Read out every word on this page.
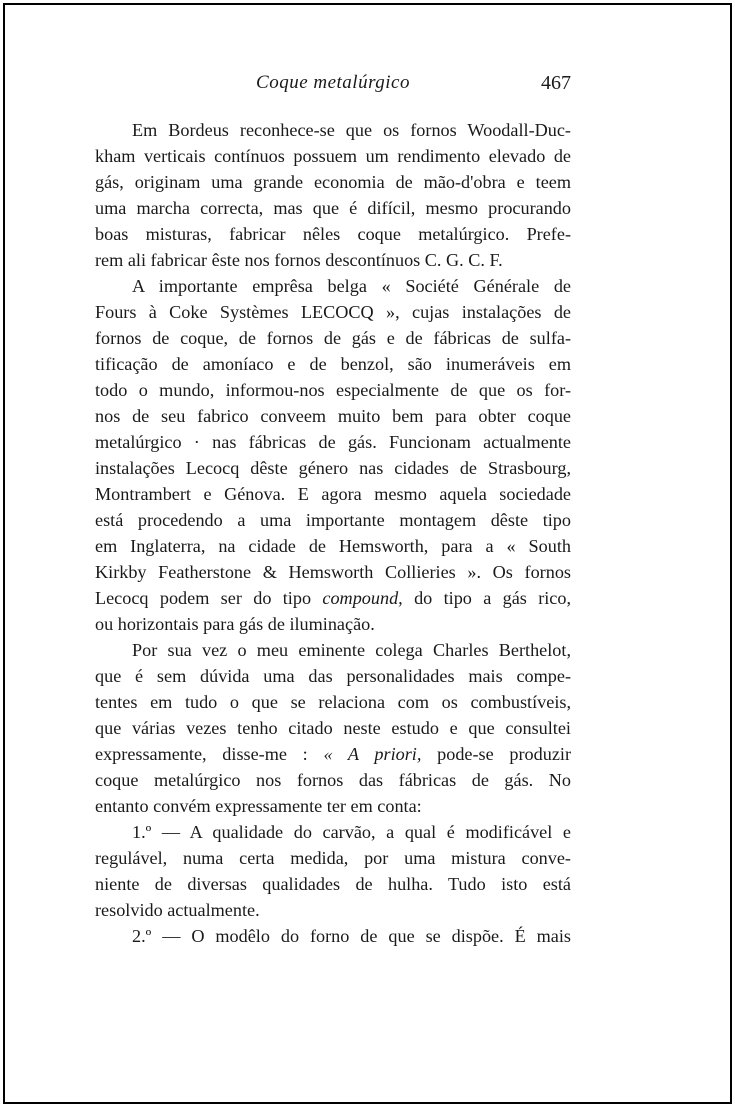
Coque metalúrgico	467
Em Bordeus reconhece-se que os fornos Woodall-Duc-
kham verticais contínuos possuem um rendimento elevado de
gás, originam uma grande economia de mão-d'obra e teem
uma marcha correcta, mas que é difícil, mesmo procurando
boas misturas, fabricar nêles coque metalúrgico. Prefe-
rem ali fabricar êste nos fornos descontínuos C. G. C. F.
A importante emprêsa belga « Société Générale de
Fours à Coke Systèmes LECOCQ », cujas instalações de
fornos de coque, de fornos de gás e de fábricas de sulfa-
tificação de amoníaco e de benzol, são inumeráveis em
todo o mundo, informou-nos especialmente de que os for-
nos de seu fabrico conveem muito bem para obter coque
metalúrgico · nas fábricas de gás. Funcionam actualmente
instalações Lecocq dêste género nas cidades de Strasbourg,
Montrambert e Génova. E agora mesmo aquela sociedade
está procedendo a uma importante montagem dêste tipo
em Inglaterra, na cidade de Hemsworth, para a « South
Kirkby Featherstone & Hemsworth Collieries ». Os fornos
Lecocq podem ser do tipo compound, do tipo a gás rico,
ou horizontais para gás de iluminação.
Por sua vez o meu eminente colega Charles Berthelot,
que é sem dúvida uma das personalidades mais compe-
tentes em tudo o que se relaciona com os combustíveis,
que várias vezes tenho citado neste estudo e que consultei
expressamente, disse-me : « A priori, pode-se produzir
coque metalúrgico nos fornos das fábricas de gás. No
entanto convém expressamente ter em conta:
1.º — A qualidade do carvão, a qual é modificável e
regulável, numa certa medida, por uma mistura conve-
niente de diversas qualidades de hulha. Tudo isto está
resolvido actualmente.
2.º — O modêlo do forno de que se dispõe. É mais
